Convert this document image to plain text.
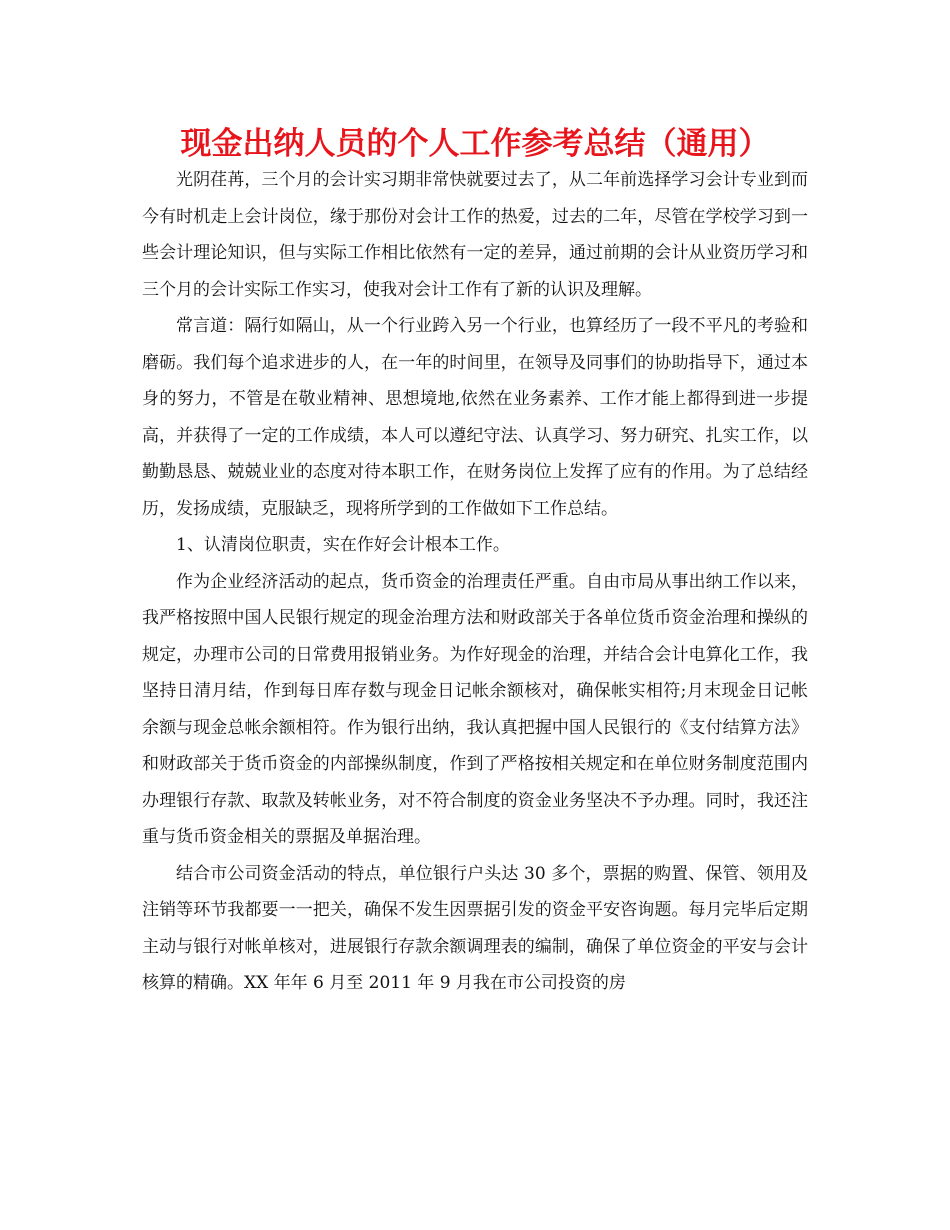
现金出纳人员的个人工作参考总结（通用）

光阴荏苒，三个月的会计实习期非常快就要过去了，从二年前选择学习会计专业到而今有时机走上会计岗位，缘于那份对会计工作的热爱，过去的二年，尽管在学校学习到一些会计理论知识，但与实际工作相比依然有一定的差异，通过前期的会计从业资历学习和三个月的会计实际工作实习，使我对会计工作有了新的认识及理解。

常言道：隔行如隔山，从一个行业跨入另一个行业，也算经历了一段不平凡的考验和磨砺。我们每个追求进步的人，在一年的时间里，在领导及同事们的协助指导下，通过本身的努力，不管是在敬业精神、思想境地,依然在业务素养、工作才能上都得到进一步提高，并获得了一定的工作成绩，本人可以遵纪守法、认真学习、努力研究、扎实工作，以勤勤恳恳、兢兢业业的态度对待本职工作，在财务岗位上发挥了应有的作用。为了总结经历，发扬成绩，克服缺乏，现将所学到的工作做如下工作总结。

1、认清岗位职责，实在作好会计根本工作。

作为企业经济活动的起点，货币资金的治理责任严重。自由市局从事出纳工作以来，我严格按照中国人民银行规定的现金治理方法和财政部关于各单位货币资金治理和操纵的规定，办理市公司的日常费用报销业务。为作好现金的治理，并结合会计电算化工作，我坚持日清月结，作到每日库存数与现金日记帐余额核对，确保帐实相符;月末现金日记帐余额与现金总帐余额相符。作为银行出纳，我认真把握中国人民银行的《支付结算方法》和财政部关于货币资金的内部操纵制度，作到了严格按相关规定和在单位财务制度范围内办理银行存款、取款及转帐业务，对不符合制度的资金业务坚决不予办理。同时，我还注重与货币资金相关的票据及单据治理。

结合市公司资金活动的特点，单位银行户头达 30 多个，票据的购置、保管、领用及注销等环节我都要一一把关，确保不发生因票据引发的资金平安咨询题。每月完毕后定期主动与银行对帐单核对，进展银行存款余额调理表的编制，确保了单位资金的平安与会计核算的精确。XX 年年 6 月至 2011 年 9 月我在市公司投资的房
